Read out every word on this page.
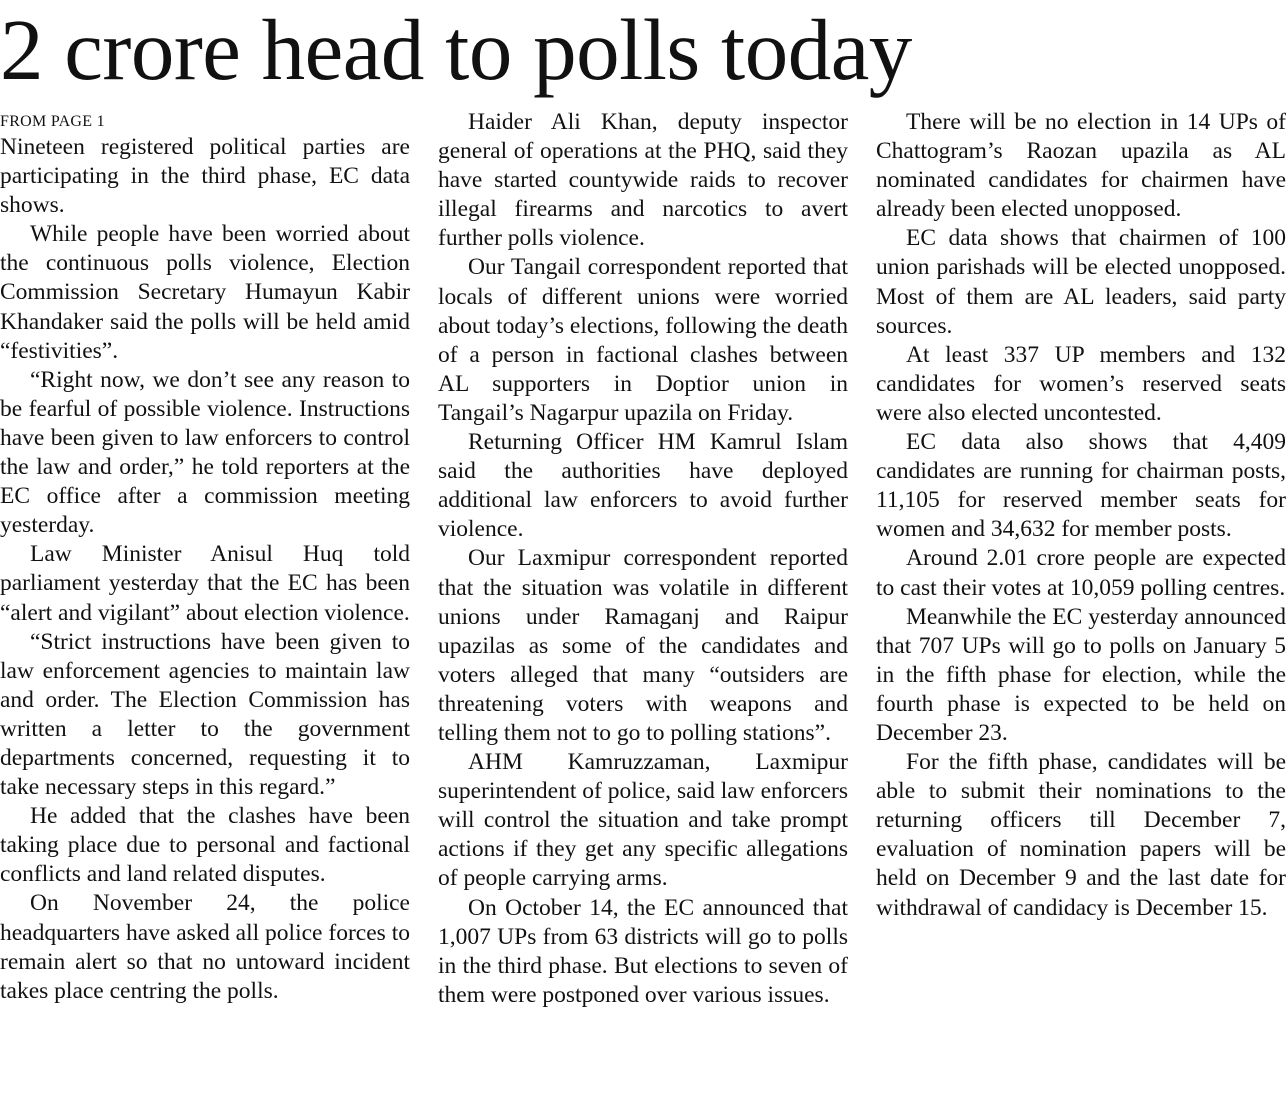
2 crore head to polls today
FROM PAGE 1

Nineteen registered political parties are participating in the third phase, EC data shows.

While people have been worried about the continuous polls violence, Election Commission Secretary Humayun Kabir Khandaker said the polls will be held amid “festivities”.

“Right now, we don’t see any reason to be fearful of possible violence. Instructions have been given to law enforcers to control the law and order,” he told reporters at the EC office after a commission meeting yesterday.

Law Minister Anisul Huq told parliament yesterday that the EC has been “alert and vigilant” about election violence.

“Strict instructions have been given to law enforcement agencies to maintain law and order. The Election Commission has written a letter to the government departments concerned, requesting it to take necessary steps in this regard.”

He added that the clashes have been taking place due to personal and factional conflicts and land related disputes.

On November 24, the police headquarters have asked all police forces to remain alert so that no untoward incident takes place centring the polls.

Haider Ali Khan, deputy inspector general of operations at the PHQ, said they have started countywide raids to recover illegal firearms and narcotics to avert further polls violence.

Our Tangail correspondent reported that locals of different unions were worried about today’s elections, following the death of a person in factional clashes between AL supporters in Doptior union in Tangail’s Nagarpur upazila on Friday.

Returning Officer HM Kamrul Islam said the authorities have deployed additional law enforcers to avoid further violence.

Our Laxmipur correspondent reported that the situation was volatile in different unions under Ramaganj and Raipur upazilas as some of the candidates and voters alleged that many “outsiders are threatening voters with weapons and telling them not to go to polling stations”.

AHM Kamruzzaman, Laxmipur superintendent of police, said law enforcers will control the situation and take prompt actions if they get any specific allegations of people carrying arms.

On October 14, the EC announced that 1,007 UPs from 63 districts will go to polls in the third phase. But elections to seven of them were postponed over various issues.

There will be no election in 14 UPs of Chattogram’s Raozan upazila as AL nominated candidates for chairmen have already been elected unopposed.

EC data shows that chairmen of 100 union parishads will be elected unopposed. Most of them are AL leaders, said party sources.

At least 337 UP members and 132 candidates for women’s reserved seats were also elected uncontested.

EC data also shows that 4,409 candidates are running for chairman posts, 11,105 for reserved member seats for women and 34,632 for member posts.

Around 2.01 crore people are expected to cast their votes at 10,059 polling centres.

Meanwhile the EC yesterday announced that 707 UPs will go to polls on January 5 in the fifth phase for election, while the fourth phase is expected to be held on December 23.

For the fifth phase, candidates will be able to submit their nominations to the returning officers till December 7, evaluation of nomination papers will be held on December 9 and the last date for withdrawal of candidacy is December 15.
